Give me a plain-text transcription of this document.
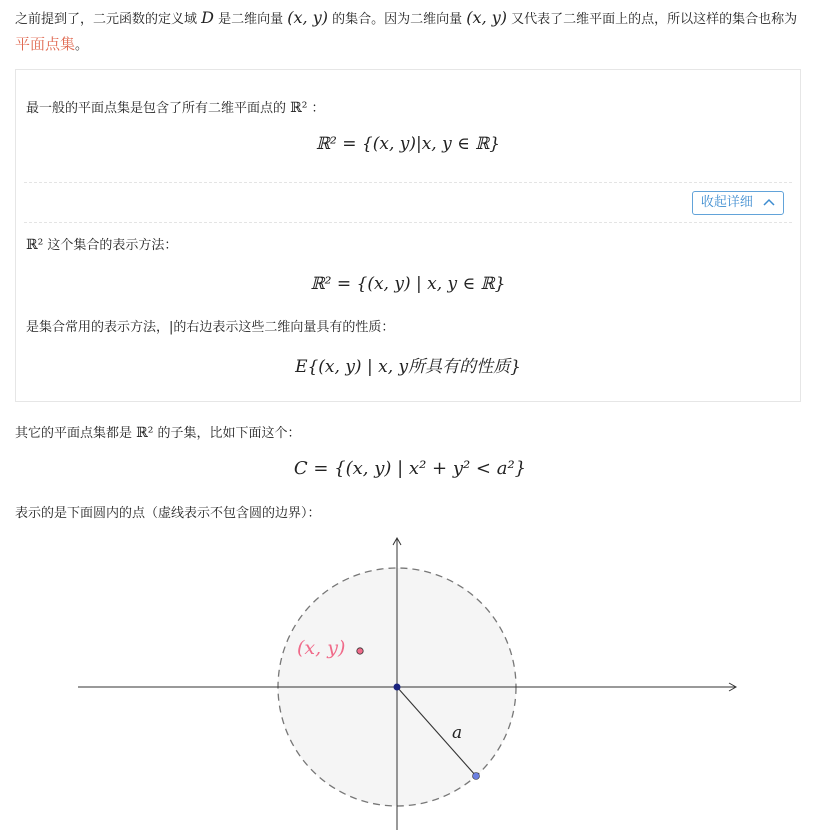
之前提到了，二元函数的定义域 D 是二维向量 (x, y) 的集合。因为二维向量 (x, y) 又代表了二维平面上的点，所以这样的集合也称为平面点集。
最一般的平面点集是包含了所有二维平面点的 ℝ² ：
ℝ² = {(x, y)|x, y ∈ ℝ}
收起详细
ℝ² 这个集合的表示方法：
ℝ² = {(x, y) | x, y ∈ ℝ}
是集合常用的表示方法，|的右边表示这些二维向量具有的性质：
E{(x, y) | x, y所具有的性质}
其它的平面点集都是 ℝ² 的子集，比如下面这个：
C = {(x, y) | x² + y² < a²}
表示的是下面圆内的点（虚线表示不包含圆的边界）：
(x, y)
a
